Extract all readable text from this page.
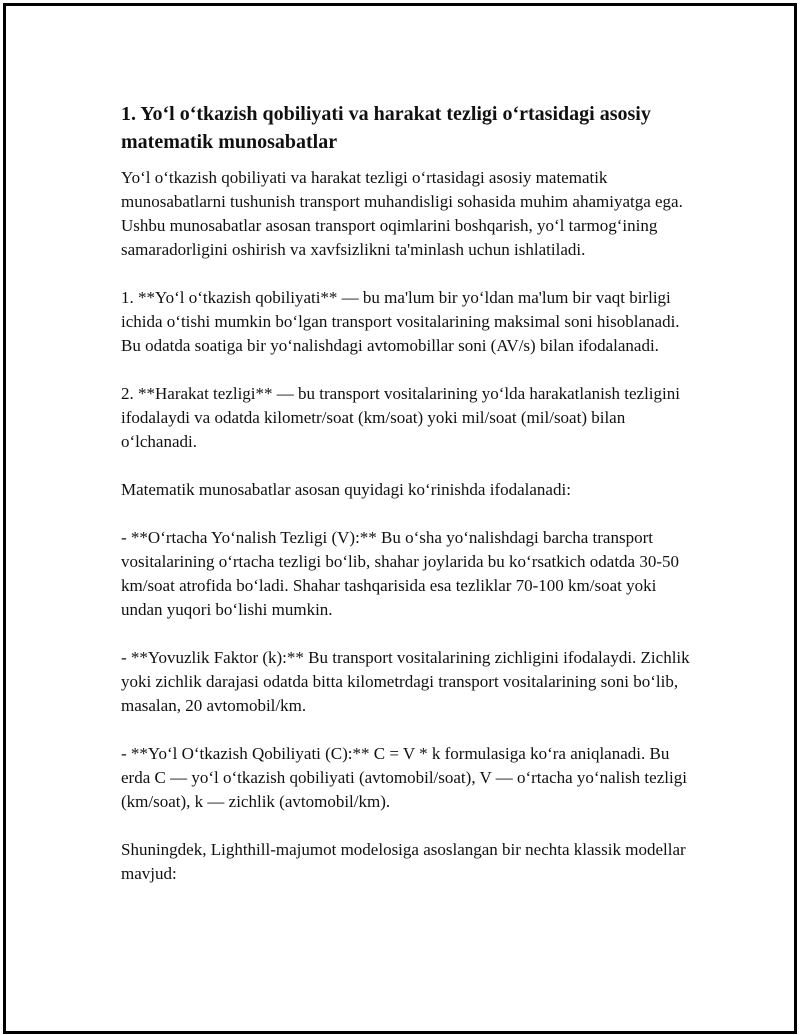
1. Yo‘l o‘tkazish qobiliyati va harakat tezligi o‘rtasidagi asosiy matematik munosabatlar

Yo‘l o‘tkazish qobiliyati va harakat tezligi o‘rtasidagi asosiy matematik munosabatlarni tushunish transport muhandisligi sohasida muhim ahamiyatga ega. Ushbu munosabatlar asosan transport oqimlarini boshqarish, yo‘l tarmog‘ining samaradorligini oshirish va xavfsizlikni ta'minlash uchun ishlatiladi.

1. **Yo‘l o‘tkazish qobiliyati** — bu ma'lum bir yo‘ldan ma'lum bir vaqt birligi ichida o‘tishi mumkin bo‘lgan transport vositalarining maksimal soni hisoblanadi. Bu odatda soatiga bir yo‘nalishdagi avtomobillar soni (AV/s) bilan ifodalanadi.

2. **Harakat tezligi** — bu transport vositalarining yo‘lda harakatlanish tezligini ifodalaydi va odatda kilometr/soat (km/soat) yoki mil/soat (mil/soat) bilan o‘lchanadi.

Matematik munosabatlar asosan quyidagi ko‘rinishda ifodalanadi:

- **O‘rtacha Yo‘nalish Tezligi (V):** Bu o‘sha yo‘nalishdagi barcha transport vositalarining o‘rtacha tezligi bo‘lib, shahar joylarida bu ko‘rsatkich odatda 30-50 km/soat atrofida bo‘ladi. Shahar tashqarisida esa tezliklar 70-100 km/soat yoki undan yuqori bo‘lishi mumkin.

- **Yovuzlik Faktor (k):** Bu transport vositalarining zichligini ifodalaydi. Zichlik yoki zichlik darajasi odatda bitta kilometrdagi transport vositalarining soni bo‘lib, masalan, 20 avtomobil/km.

- **Yo‘l O‘tkazish Qobiliyati (C):** C = V * k formulasiga ko‘ra aniqlanadi. Bu erda C — yo‘l o‘tkazish qobiliyati (avtomobil/soat), V — o‘rtacha yo‘nalish tezligi (km/soat), k — zichlik (avtomobil/km).

Shuningdek, Lighthill-majumot modelosiga asoslangan bir nechta klassik modellar mavjud:
